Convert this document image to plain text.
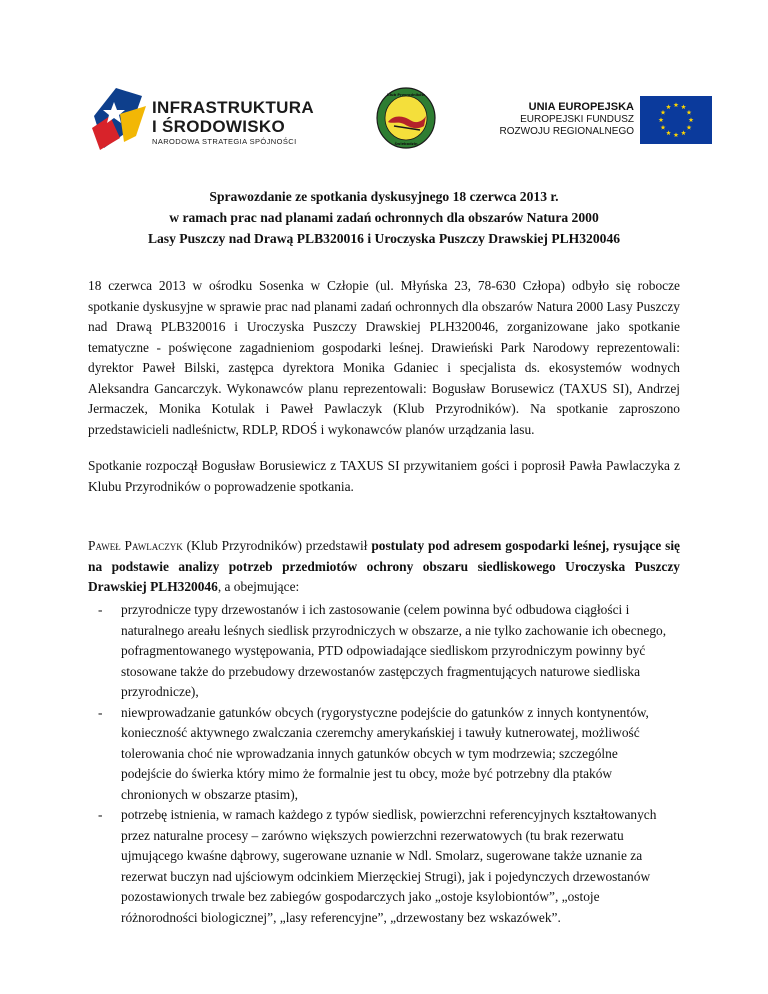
INFRASTRUKTURA
I ŚRODOWISKO
NARODOWA STRATEGIA SPÓJNOŚCI
Klub Przyrodników
Świebodzin
UNIA EUROPEJSKA
EUROPEJSKI FUNDUSZ
ROZWOJU REGIONALNEGO
Sprawozdanie ze spotkania dyskusyjnego 18 czerwca 2013 r.
w ramach prac nad planami zadań ochronnych dla obszarów Natura 2000
Lasy Puszczy nad Drawą PLB320016 i Uroczyska Puszczy Drawskiej PLH320046
18 czerwca 2013 w ośrodku Sosenka w Człopie (ul. Młyńska 23, 78-630 Człopa) odbyło się robocze spotkanie dyskusyjne w sprawie prac nad planami zadań ochronnych dla obszarów Natura 2000 Lasy Puszczy nad Drawą PLB320016 i Uroczyska Puszczy Drawskiej PLH320046, zorganizowane jako spotkanie tematyczne - poświęcone zagadnieniom gospodarki leśnej. Drawieński Park Narodowy reprezentowali: dyrektor Paweł Bilski, zastępca dyrektora Monika Gdaniec i specjalista ds. ekosystemów wodnych Aleksandra Gancarczyk. Wykonawców planu reprezentowali: Bogusław Borusewicz (TAXUS SI), Andrzej Jermaczek, Monika Kotulak i Paweł Pawlaczyk (Klub Przyrodników). Na spotkanie zaproszono przedstawicieli nadleśnictw, RDLP, RDOŚ i wykonawców planów urządzania lasu.
Spotkanie rozpoczął Bogusław Borusiewicz z TAXUS SI przywitaniem gości i poprosił Pawła Pawlaczyka z Klubu Przyrodników o poprowadzenie spotkania.
Paweł Pawlaczyk (Klub Przyrodników) przedstawił postulaty pod adresem gospodarki leśnej, rysujące się na podstawie analizy potrzeb przedmiotów ochrony obszaru siedliskowego Uroczyska Puszczy Drawskiej PLH320046, a obejmujące:
- przyrodnicze typy drzewostanów i ich zastosowanie (celem powinna być odbudowa ciągłości i naturalnego areału leśnych siedlisk przyrodniczych w obszarze, a nie tylko zachowanie ich obecnego, pofragmentowanego występowania, PTD odpowiadające siedliskom przyrodniczym powinny być stosowane także do przebudowy drzewostanów zastępczych fragmentujących naturowe siedliska przyrodnicze),
- niewprowadzanie gatunków obcych (rygorystyczne podejście do gatunków z innych kontynentów, konieczność aktywnego zwalczania czeremchy amerykańskiej i tawuły kutnerowatej, możliwość tolerowania choć nie wprowadzania innych gatunków obcych w tym modrzewia; szczególne podejście do świerka który mimo że formalnie jest tu obcy, może być potrzebny dla ptaków chronionych w obszarze ptasim),
- potrzebę istnienia, w ramach każdego z typów siedlisk, powierzchni referencyjnych kształtowanych przez naturalne procesy – zarówno większych powierzchni rezerwatowych (tu brak rezerwatu ujmującego kwaśne dąbrowy, sugerowane uznanie w Ndl. Smolarz, sugerowane także uznanie za rezerwat buczyn nad ujściowym odcinkiem Mierzęckiej Strugi), jak i pojedynczych drzewostanów pozostawionych trwale bez zabiegów gospodarczych jako „ostoje ksylobiontów”, „ostoje różnorodności biologicznej”, „lasy referencyjne”, „drzewostany bez wskazówek”.
